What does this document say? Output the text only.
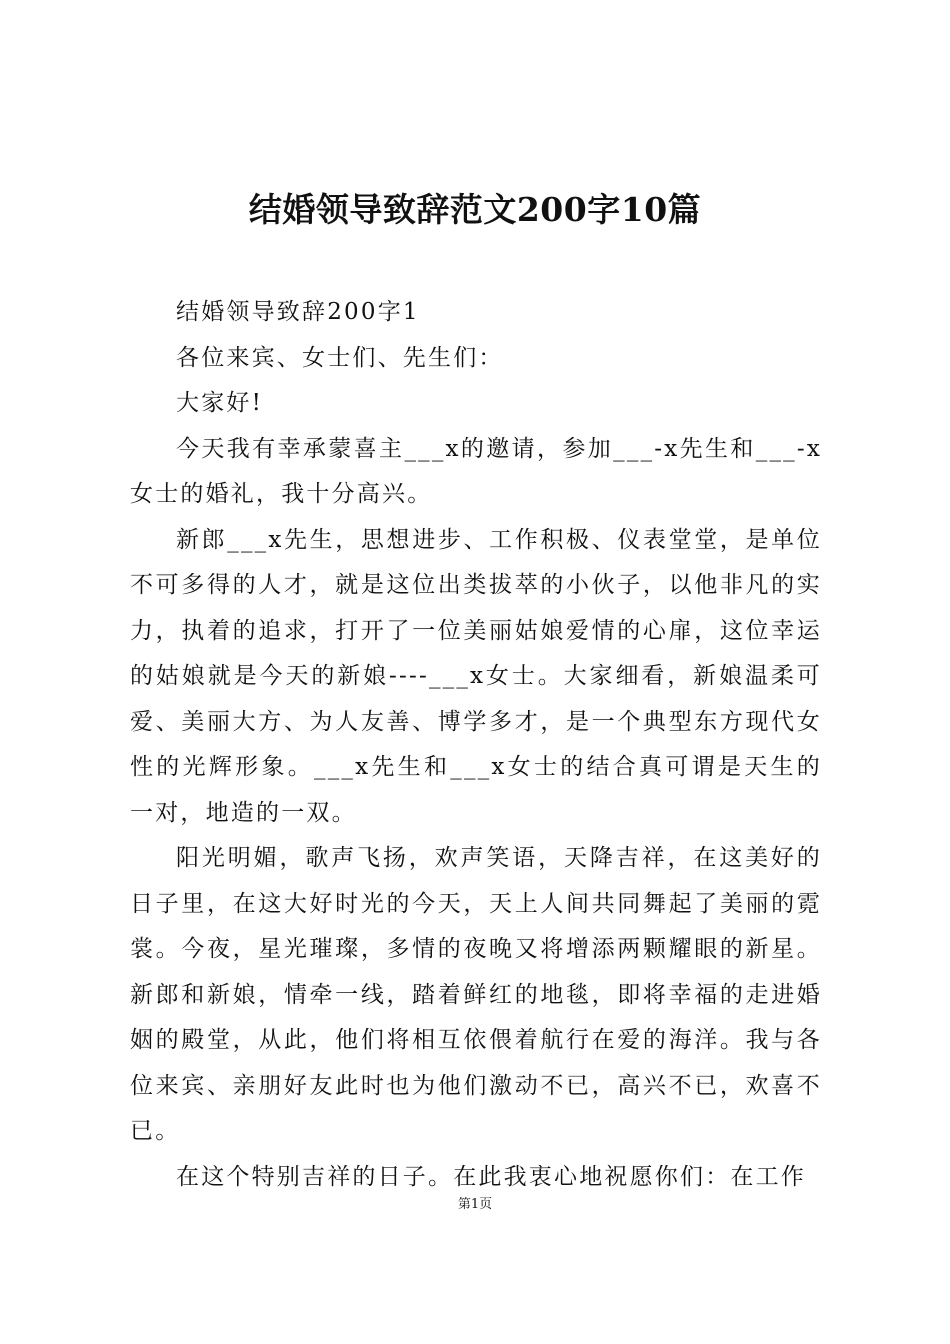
结婚领导致辞范文200字10篇

结婚领导致辞200字1

各位来宾、女士们、先生们：

大家好!

今天我有幸承蒙喜主___x的邀请，参加___-x先生和___-x女士的婚礼，我十分高兴。

新郎___x先生，思想进步、工作积极、仪表堂堂，是单位不可多得的人才，就是这位出类拔萃的小伙子，以他非凡的实力，执着的追求，打开了一位美丽姑娘爱情的心扉，这位幸运的姑娘就是今天的新娘----___x女士。大家细看，新娘温柔可爱、美丽大方、为人友善、博学多才，是一个典型东方现代女性的光辉形象。___x先生和___x女士的结合真可谓是天生的一对，地造的一双。

阳光明媚，歌声飞扬，欢声笑语，天降吉祥，在这美好的日子里，在这大好时光的今天，天上人间共同舞起了美丽的霓裳。今夜，星光璀璨，多情的夜晚又将增添两颗耀眼的新星。新郎和新娘，情牵一线，踏着鲜红的地毯，即将幸福的走进婚姻的殿堂，从此，他们将相互依偎着航行在爱的海洋。我与各位来宾、亲朋好友此时也为他们激动不已，高兴不已，欢喜不已。

在这个特别吉祥的日子。在此我衷心地祝愿你们：在工作

第1页
